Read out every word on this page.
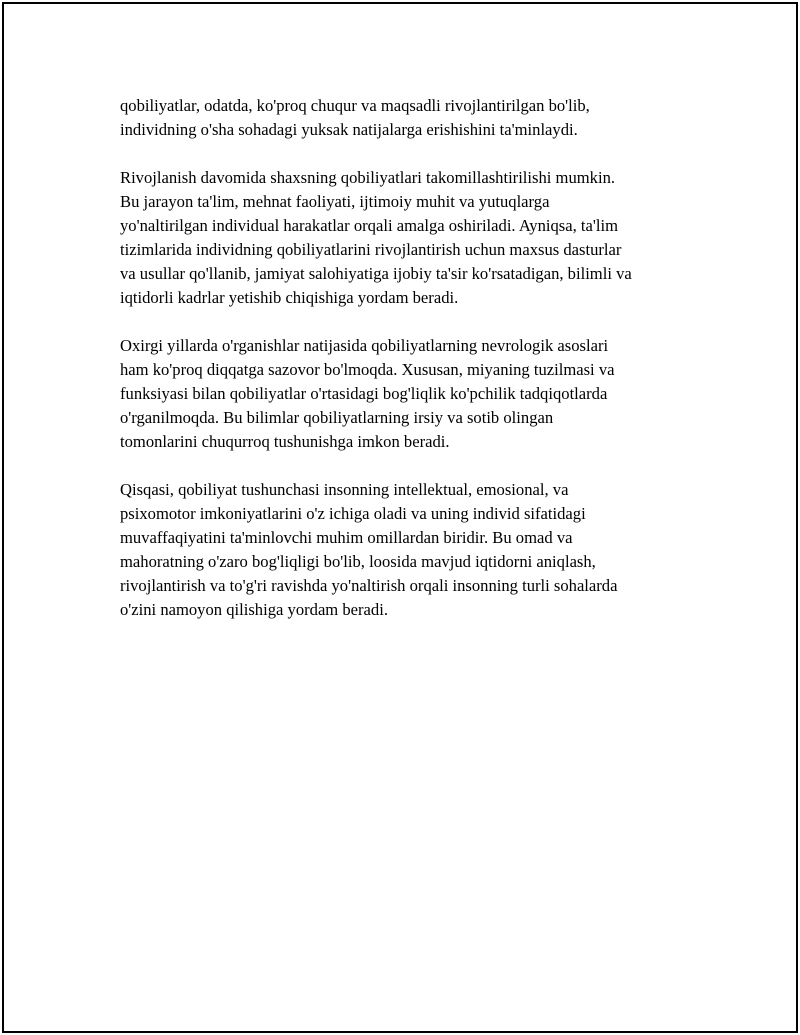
qobiliyatlar, odatda, ko'proq chuqur va maqsadli rivojlantirilgan bo'lib,
individning o'sha sohadagi yuksak natijalarga erishishini ta'minlaydi.

Rivojlanish davomida shaxsning qobiliyatlari takomillashtirilishi mumkin.
Bu jarayon ta'lim, mehnat faoliyati, ijtimoiy muhit va yutuqlarga
yo'naltirilgan individual harakatlar orqali amalga oshiriladi. Ayniqsa, ta'lim
tizimlarida individning qobiliyatlarini rivojlantirish uchun maxsus dasturlar
va usullar qo'llanib, jamiyat salohiyatiga ijobiy ta'sir ko'rsatadigan, bilimli va
iqtidorli kadrlar yetishib chiqishiga yordam beradi.

Oxirgi yillarda o'rganishlar natijasida qobiliyatlarning nevrologik asoslari
ham ko'proq diqqatga sazovor bo'lmoqda. Xususan, miyaning tuzilmasi va
funksiyasi bilan qobiliyatlar o'rtasidagi bog'liqlik ko'pchilik tadqiqotlarda
o'rganilmoqda. Bu bilimlar qobiliyatlarning irsiy va sotib olingan
tomonlarini chuqurroq tushunishga imkon beradi.

Qisqasi, qobiliyat tushunchasi insonning intellektual, emosional, va
psixomotor imkoniyatlarini o'z ichiga oladi va uning individ sifatidagi
muvaffaqiyatini ta'minlovchi muhim omillardan biridir. Bu omad va
mahoratning o'zaro bog'liqligi bo'lib, loosida mavjud iqtidorni aniqlash,
rivojlantirish va to'g'ri ravishda yo'naltirish orqali insonning turli sohalarda
o'zini namoyon qilishiga yordam beradi.
